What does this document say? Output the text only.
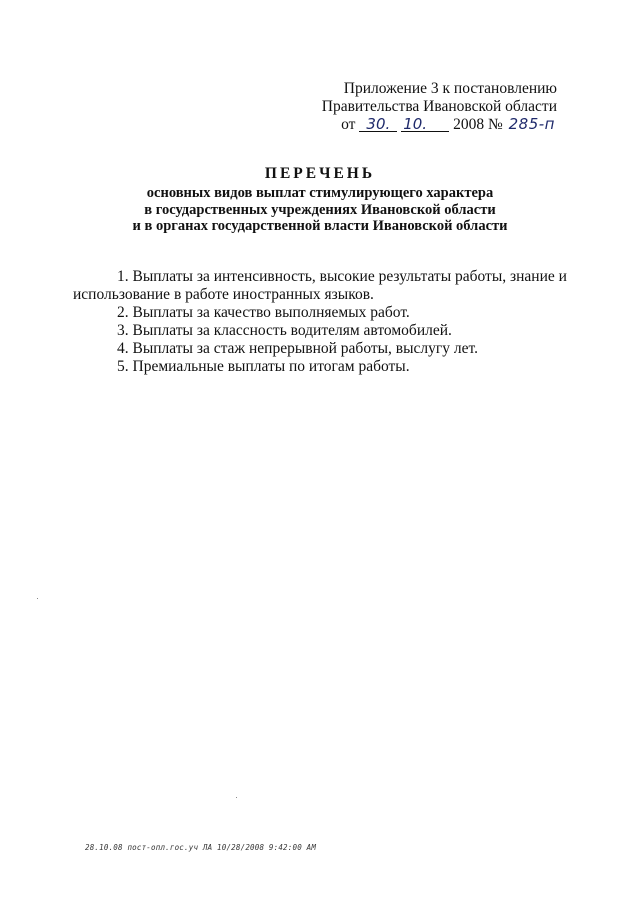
Приложение 3 к постановлению
Правительства Ивановской области
от 30. 10. 2008 № 285-п
ПЕРЕЧЕНЬ
основных видов выплат стимулирующего характера
в государственных учреждениях Ивановской области
и в органах государственной власти Ивановской области

1. Выплаты за интенсивность, высокие результаты работы, знание и использование в работе иностранных языков.

2. Выплаты за качество выполняемых работ.

3. Выплаты за классность водителям автомобилей.

4. Выплаты за стаж непрерывной работы, выслугу лет.

5. Премиальные выплаты по итогам работы.

28.10.08 пост-опл.гос.уч ЛА 10/28/2008 9:42:00 AM
